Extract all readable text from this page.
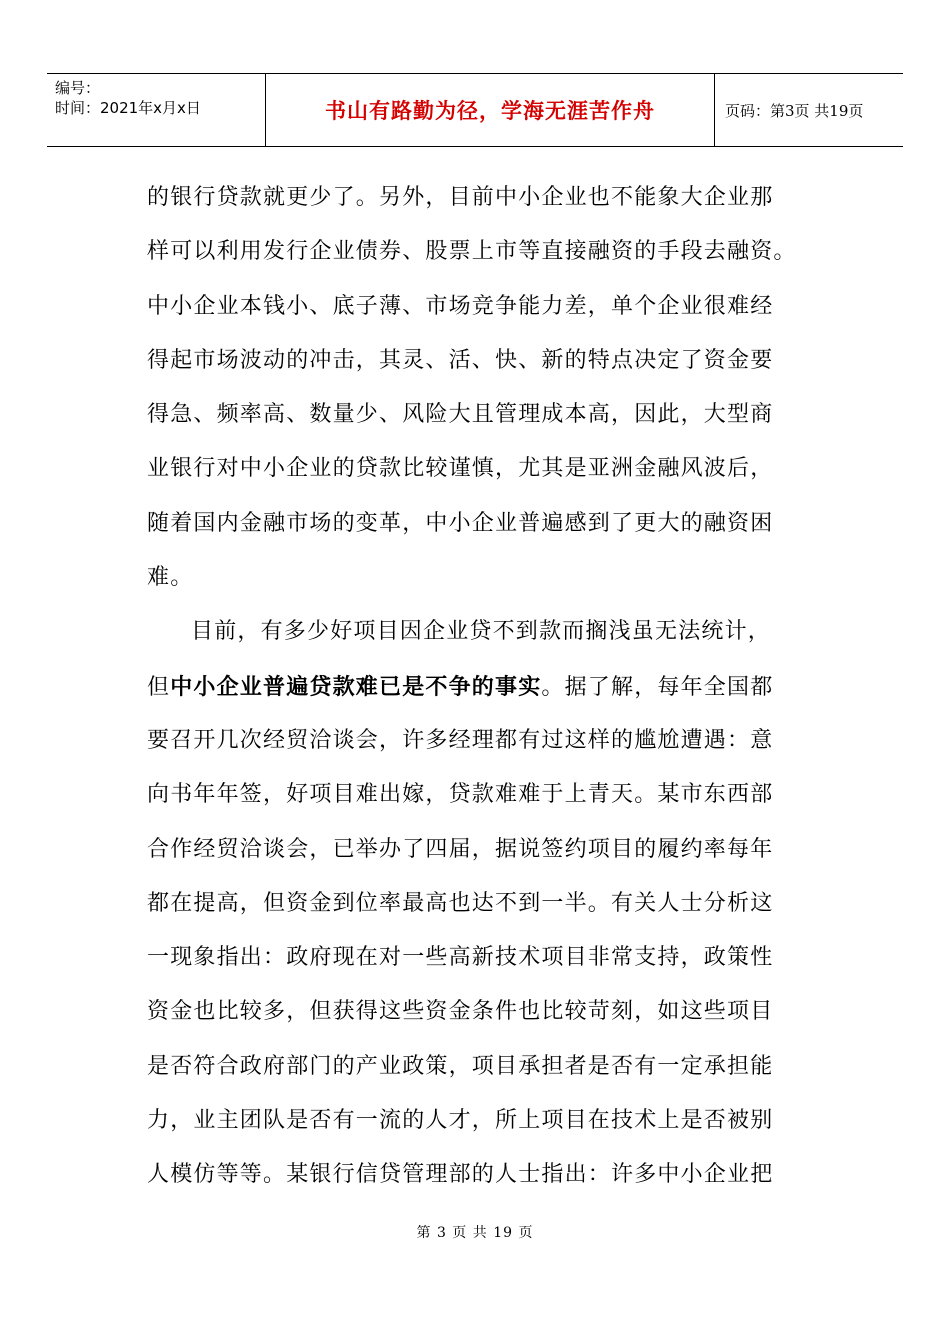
编号：
时间：2021年x月x日	书山有路勤为径，学海无涯苦作舟	页码：第3页 共19页
的银行贷款就更少了。另外，目前中小企业也不能象大企业那
样可以利用发行企业债券、股票上市等直接融资的手段去融资。
中小企业本钱小、底子薄、市场竞争能力差，单个企业很难经
得起市场波动的冲击，其灵、活、快、新的特点决定了资金要
得急、频率高、数量少、风险大且管理成本高，因此，大型商
业银行对中小企业的贷款比较谨慎，尤其是亚洲金融风波后，
随着国内金融市场的变革，中小企业普遍感到了更大的融资困
难。
目前，有多少好项目因企业贷不到款而搁浅虽无法统计，
但中小企业普遍贷款难已是不争的事实。据了解，每年全国都
要召开几次经贸洽谈会，许多经理都有过这样的尴尬遭遇：意
向书年年签，好项目难出嫁，贷款难难于上青天。某市东西部
合作经贸洽谈会，已举办了四届，据说签约项目的履约率每年
都在提高，但资金到位率最高也达不到一半。有关人士分析这
一现象指出：政府现在对一些高新技术项目非常支持，政策性
资金也比较多，但获得这些资金条件也比较苛刻，如这些项目
是否符合政府部门的产业政策，项目承担者是否有一定承担能
力，业主团队是否有一流的人才，所上项目在技术上是否被别
人模仿等等。某银行信贷管理部的人士指出：许多中小企业把
第 3 页 共 19 页
